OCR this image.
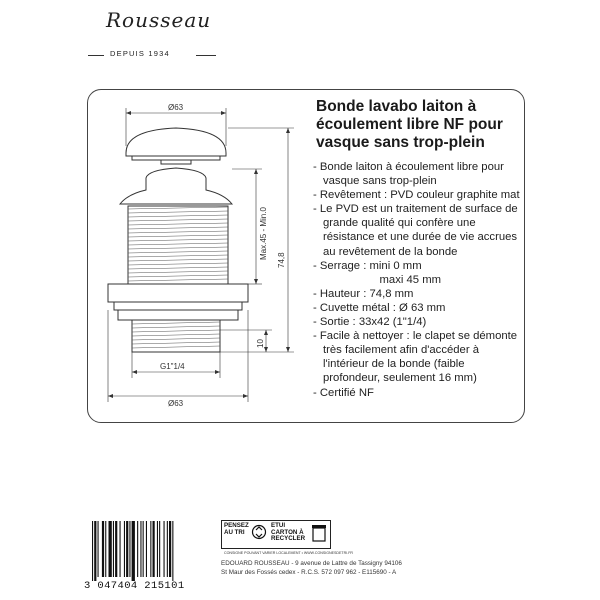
Rousseau
DEPUIS 1934
Ø63
Ø63
G1"1/4
Max.45 - Min.0
74,8
10
Bonde lavabo laiton à écoulement libre NF pour vasque sans trop-plein
- Bonde laiton à écoulement libre pour vasque sans trop-plein
- Revêtement : PVD couleur graphite mat
- Le PVD est un traitement de surface de grande qualité qui confère une résistance et une durée de vie accrues au revêtement de la bonde
- Serrage : mini 0 mm
maxi 45 mm
- Hauteur : 74,8 mm
- Cuvette métal : Ø 63 mm
- Sortie : 33x42 (1"1/4)
- Facile à nettoyer : le clapet se démonte très facilement afin d'accéder à l'intérieur de la bonde (faible profondeur, seulement 16 mm)
- Certifié NF
3 047404 215101
PENSEZ AU TRI
ETUI CARTON À RECYCLER
CONSIGNE POUVANT VARIER LOCALEMENT • WWW.CONSIGNESDETRI.FR
EDOUARD ROUSSEAU - 9 avenue de Lattre de Tassigny 94106
St Maur des Fossés cedex - R.C.S. 572 097 962 - E115690 - A
